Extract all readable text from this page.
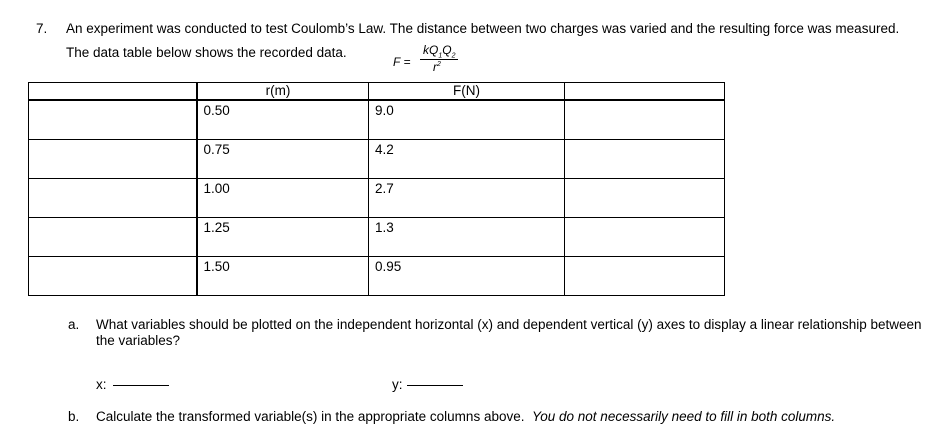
7. An experiment was conducted to test Coulomb’s Law. The distance between two charges was varied and the resulting force was measured.
The data table below shows the recorded data.
F =
$kQ_1Q_2$
$r^2$
	r(m)		F(N)	
	0.50		9.0	
	0.75		4.2	
	1.00		2.7	
	1.25		1.3	
	1.50		0.95	
a. What variables should be plotted on the independent horizontal (x) and dependent vertical (y) axes to display a linear relationship between
the variables?
x:	y:
b. Calculate the transformed variable(s) in the appropriate columns above. You do not necessarily need to fill in both columns.
